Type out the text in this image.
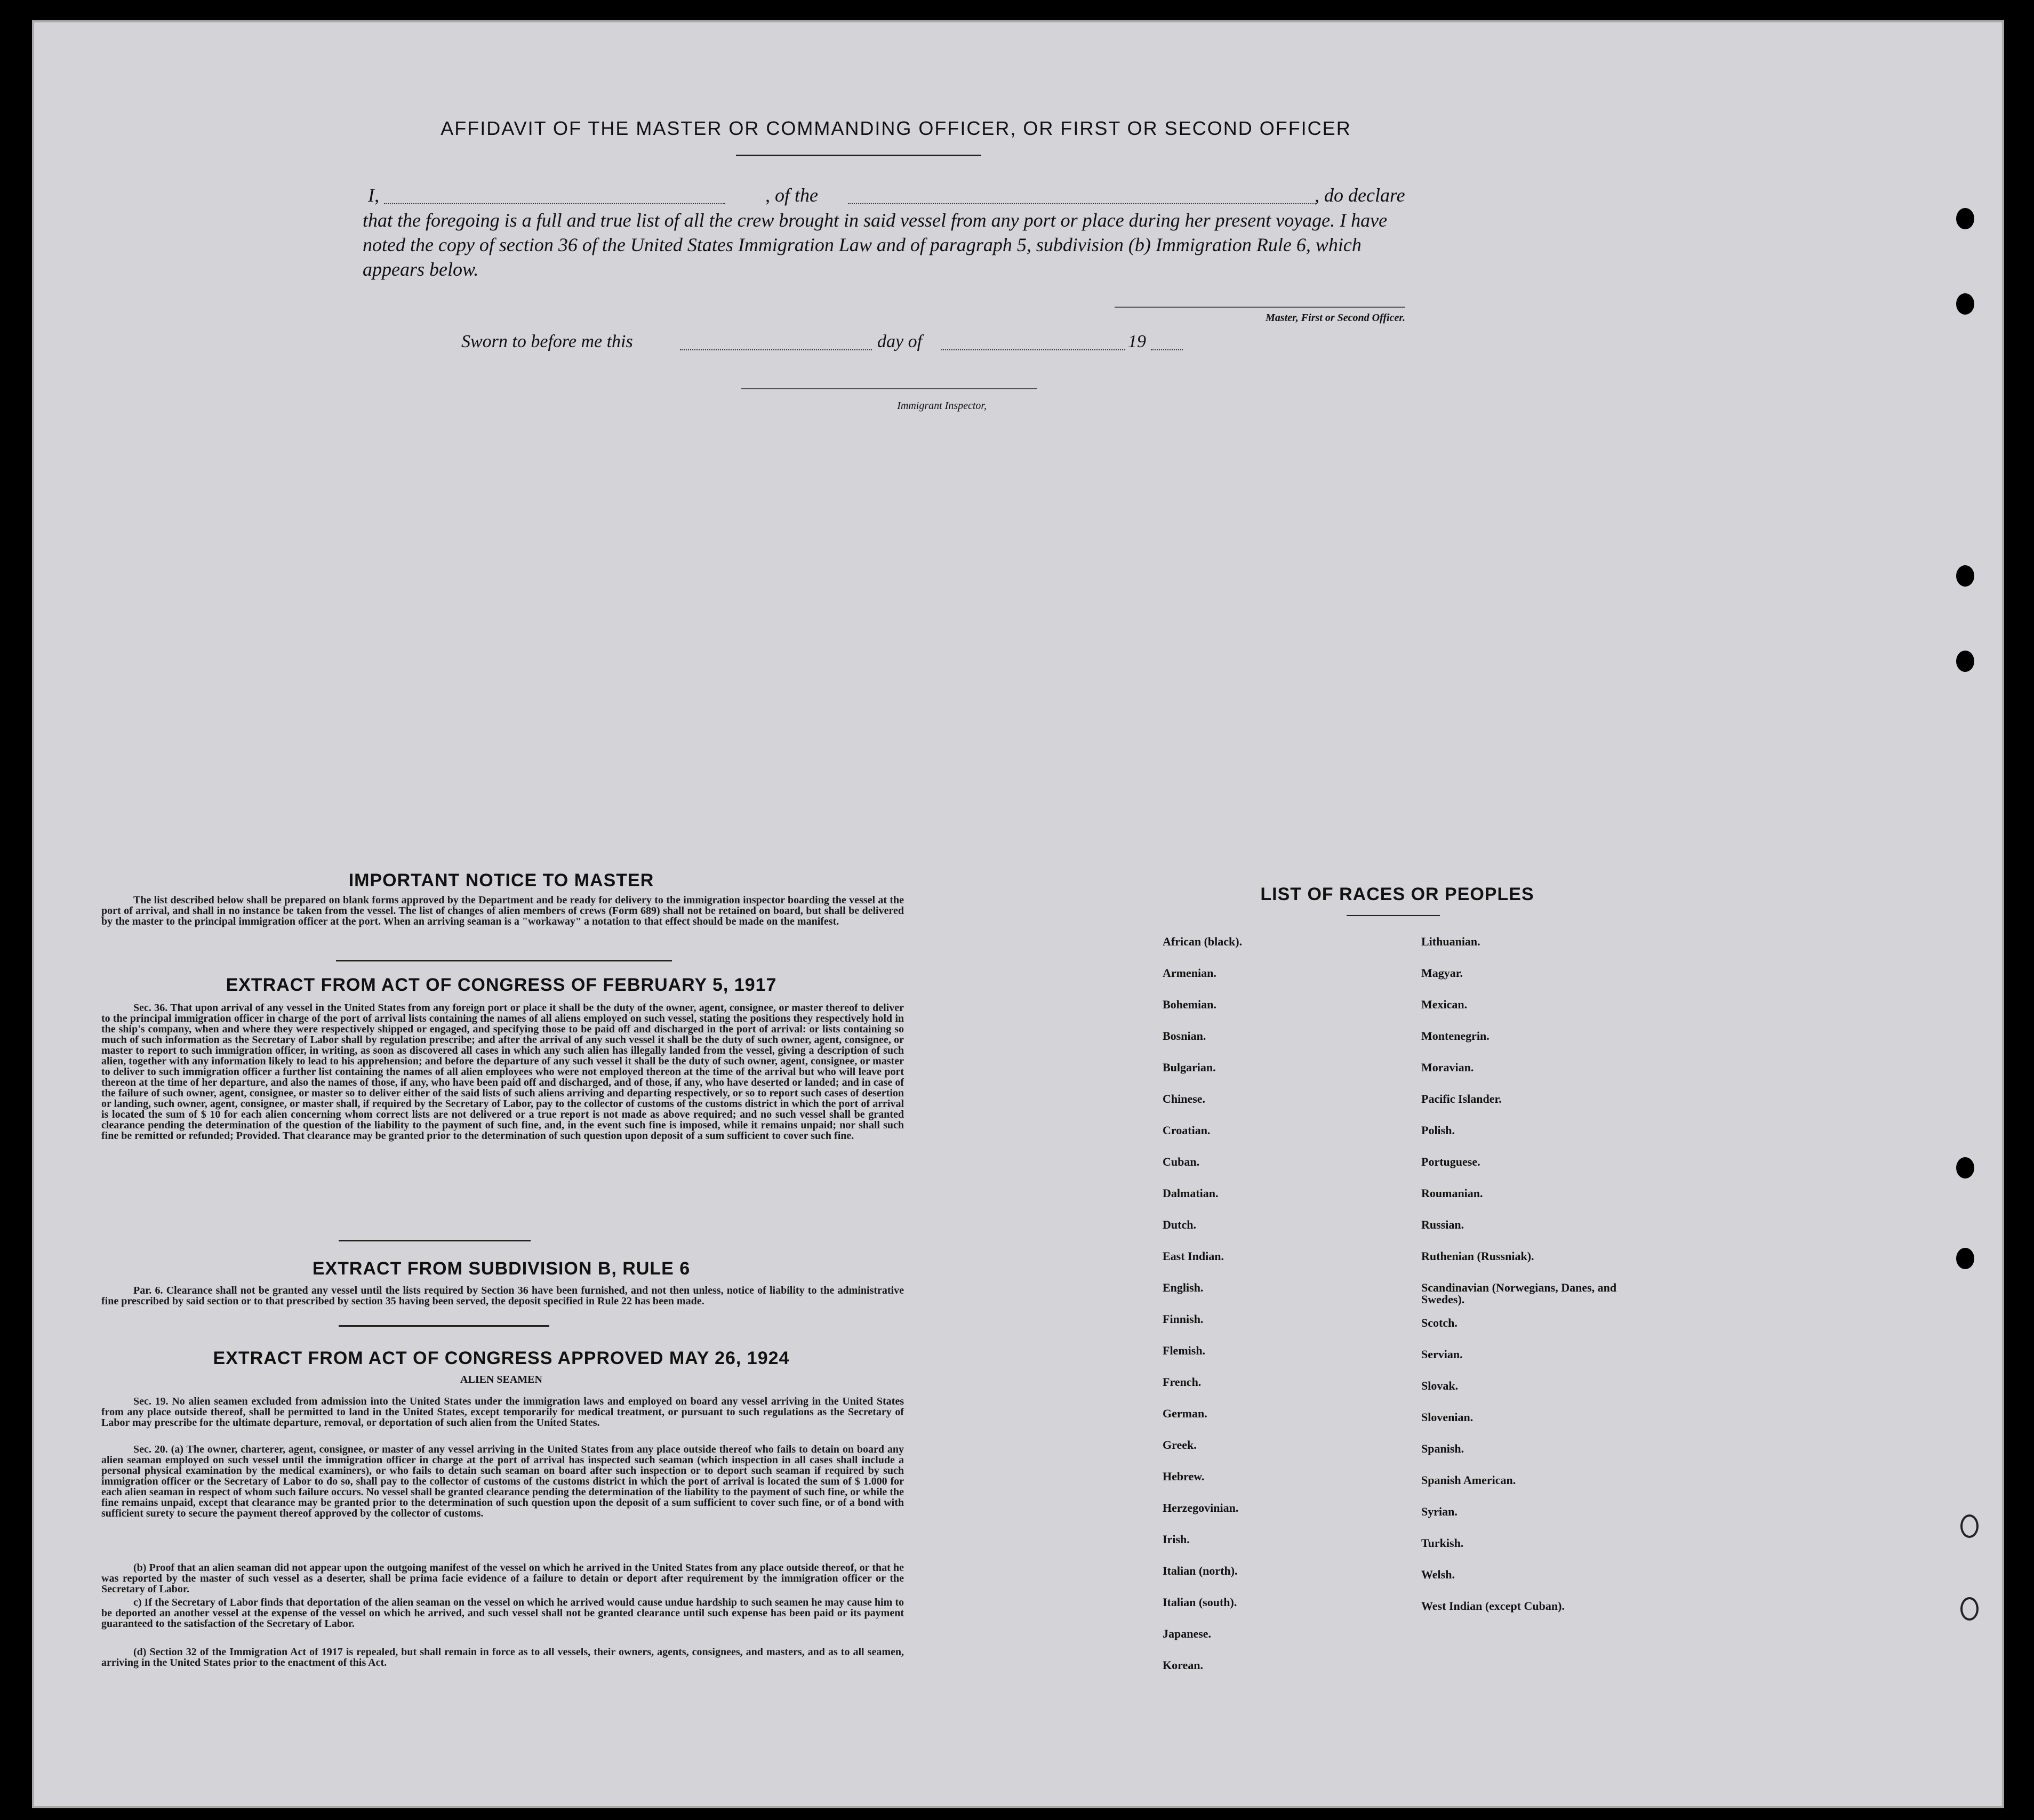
AFFIDAVIT OF THE MASTER OR COMMANDING OFFICER, OR FIRST OR SECOND OFFICER
I,	, of the	, do declare
that the foregoing is a full and true list of all the crew brought in said vessel from any port or place during her present voyage. I have noted the copy of section 36 of the United States Immigration Law and of paragraph 5, subdivision (b) Immigration Rule 6, which appears below.
Master, First or Second Officer.
Sworn to before me this	day of	19
Immigrant Inspector,
IMPORTANT NOTICE TO MASTER
The list described below shall be prepared on blank forms approved by the Department and be ready for delivery to the immigration inspector boarding the vessel at the port of arrival, and shall in no instance be taken from the vessel. The list of changes of alien members of crews (Form 689) shall not be retained on board, but shall be delivered by the master to the principal immigration officer at the port. When an arriving seaman is a "workaway" a notation to that effect should be made on the manifest.
EXTRACT FROM ACT OF CONGRESS OF FEBRUARY 5, 1917
Sec. 36. That upon arrival of any vessel in the United States from any foreign port or place it shall be the duty of the owner, agent, consignee, or master thereof to deliver to the principal immigration officer in charge of the port of arrival lists containing the names of all aliens employed on such vessel, stating the positions they respectively hold in the ship's company, when and where they were respectively shipped or engaged, and specifying those to be paid off and discharged in the port of arrival: or lists containing so much of such information as the Secretary of Labor shall by regulation prescribe; and after the arrival of any such vessel it shall be the duty of such owner, agent, consignee, or master to report to such immigration officer, in writing, as soon as discovered all cases in which any such alien has illegally landed from the vessel, giving a description of such alien, together with any information likely to lead to his apprehension; and before the departure of any such vessel it shall be the duty of such owner, agent, consignee, or master to deliver to such immigration officer a further list containing the names of all alien employees who were not employed thereon at the time of the arrival but who will leave port thereon at the time of her departure, and also the names of those, if any, who have been paid off and discharged, and of those, if any, who have deserted or landed; and in case of the failure of such owner, agent, consignee, or master so to deliver either of the said lists of such aliens arriving and departing respectively, or so to report such cases of desertion or landing, such owner, agent, consignee, or master shall, if required by the Secretary of Labor, pay to the collector of customs of the customs district in which the port of arrival is located the sum of $ 10 for each alien concerning whom correct lists are not delivered or a true report is not made as above required; and no such vessel shall be granted clearance pending the determination of the question of the liability to the payment of such fine, and, in the event such fine is imposed, while it remains unpaid; nor shall such fine be remitted or refunded; Provided. That clearance may be granted prior to the determination of such question upon deposit of a sum sufficient to cover such fine.
EXTRACT FROM SUBDIVISION B, RULE 6
Par. 6. Clearance shall not be granted any vessel until the lists required by Section 36 have been furnished, and not then unless, notice of liability to the administrative fine prescribed by said section or to that prescribed by section 35 having been served, the deposit specified in Rule 22 has been made.
EXTRACT FROM ACT OF CONGRESS APPROVED MAY 26, 1924
ALIEN SEAMEN
Sec. 19. No alien seamen excluded from admission into the United States under the immigration laws and employed on board any vessel arriving in the United States from any place outside thereof, shall be permitted to land in the United States, except temporarily for medical treatment, or pursuant to such regulations as the Secretary of Labor may prescribe for the ultimate departure, removal, or deportation of such alien from the United States.
Sec. 20. (a) The owner, charterer, agent, consignee, or master of any vessel arriving in the United States from any place outside thereof who fails to detain on board any alien seaman employed on such vessel until the immigration officer in charge at the port of arrival has inspected such seaman (which inspection in all cases shall include a personal physical examination by the medical examiners), or who fails to detain such seaman on board after such inspection or to deport such seaman if required by such immigration officer or the Secretary of Labor to do so, shall pay to the collector of customs of the customs district in which the port of arrival is located the sum of $ 1.000 for each alien seaman in respect of whom such failure occurs. No vessel shall be granted clearance pending the determination of the liability to the payment of such fine, or while the fine remains unpaid, except that clearance may be granted prior to the determination of such question upon the deposit of a sum sufficient to cover such fine, or of a bond with sufficient surety to secure the payment thereof approved by the collector of customs.
(b) Proof that an alien seaman did not appear upon the outgoing manifest of the vessel on which he arrived in the United States from any place outside thereof, or that he was reported by the master of such vessel as a deserter, shall be prima facie evidence of a failure to detain or deport after requirement by the immigration officer or the Secretary of Labor.
c) If the Secretary of Labor finds that deportation of the alien seaman on the vessel on which he arrived would cause undue hardship to such seamen he may cause him to be deported an another vessel at the expense of the vessel on which he arrived, and such vessel shall not be granted clearance until such expense has been paid or its payment guaranteed to the satisfaction of the Secretary of Labor.
(d) Section 32 of the Immigration Act of 1917 is repealed, but shall remain in force as to all vessels, their owners, agents, consignees, and masters, and as to all seamen, arriving in the United States prior to the enactment of this Act.
LIST OF RACES OR PEOPLES
African (black).
Armenian.
Bohemian.
Bosnian.
Bulgarian.
Chinese.
Croatian.
Cuban.
Dalmatian.
Dutch.
East Indian.
English.
Finnish.
Flemish.
French.
German.
Greek.
Hebrew.
Herzegovinian.
Irish.
Italian (north).
Italian (south).
Japanese.
Korean.
Lithuanian.
Magyar.
Mexican.
Montenegrin.
Moravian.
Pacific Islander.
Polish.
Portuguese.
Roumanian.
Russian.
Ruthenian (Russniak).
Scandinavian (Norwegians, Danes, and Swedes).
Scotch.
Servian.
Slovak.
Slovenian.
Spanish.
Spanish American.
Syrian.
Turkish.
Welsh.
West Indian (except Cuban).
